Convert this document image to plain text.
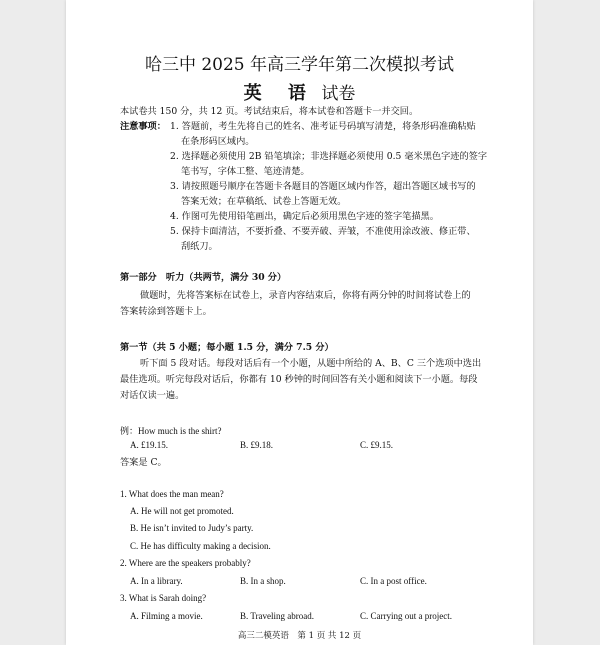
哈三中 2025 年高三学年第二次模拟考试
英 语 试卷
本试卷共 150 分，共 12 页。考试结束后，将本试卷和答题卡一并交回。
注意事项： 1. 答题前，考生先将自己的姓名、准考证号码填写清楚，将条形码准确粘贴
在条形码区域内。
2. 选择题必须使用 2B 铅笔填涂；非选择题必须使用 0.5 毫米黑色字迹的签字
笔书写，字体工整、笔迹清楚。
3. 请按照题号顺序在答题卡各题目的答题区域内作答，超出答题区域书写的
答案无效；在草稿纸、试卷上答题无效。
4. 作图可先使用铅笔画出，确定后必须用黑色字迹的签字笔描黑。
5. 保持卡面清洁，不要折叠、不要弄破、弄皱，不准使用涂改液、修正带、
刮纸刀。
第一部分　听力（共两节，满分 30 分）
做题时，先将答案标在试卷上，录音内容结束后，你将有两分钟的时间将试卷上的
答案转涂到答题卡上。
第一节（共 5 小题；每小题 1.5 分，满分 7.5 分）
听下面 5 段对话。每段对话后有一个小题，从题中所给的 A、B、C 三个选项中选出
最佳选项。听完每段对话后，你都有 10 秒钟的时间回答有关小题和阅读下一小题。每段
对话仅读一遍。
例：How much is the shirt?
A. £19.15.	B. £9.18.	C. £9.15.
答案是 C。
1. What does the man mean?
A. He will not get promoted.
B. He isn’t invited to Judy’s party.
C. He has difficulty making a decision.
2. Where are the speakers probably?
A. In a library.	B. In a shop.	C. In a post office.
3. What is Sarah doing?
A. Filming a movie.	B. Traveling abroad.	C. Carrying out a project.
高三二模英语　第 1 页 共 12 页
